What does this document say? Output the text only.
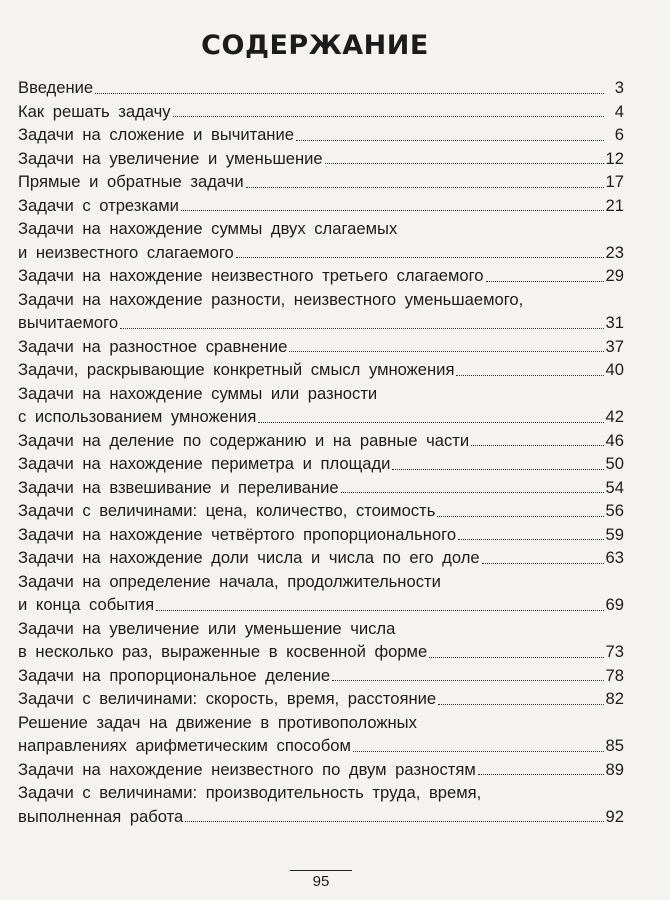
СОДЕРЖАНИЕ
Введение	3
Как решать задачу	4
Задачи на сложение и вычитание	6
Задачи на увеличение и уменьшение	12
Прямые и обратные задачи	17
Задачи с отрезками	21
Задачи на нахождение суммы двух слагаемых
и неизвестного слагаемого	23
Задачи на нахождение неизвестного третьего слагаемого	29
Задачи на нахождение разности, неизвестного уменьшаемого,
вычитаемого	31
Задачи на разностное сравнение	37
Задачи, раскрывающие конкретный смысл умножения	40
Задачи на нахождение суммы или разности
с использованием умножения	42
Задачи на деление по содержанию и на равные части	46
Задачи на нахождение периметра и площади	50
Задачи на взвешивание и переливание	54
Задачи с величинами: цена, количество, стоимость	56
Задачи на нахождение четвёртого пропорционального	59
Задачи на нахождение доли числа и числа по его доле	63
Задачи на определение начала, продолжительности
и конца события	69
Задачи на увеличение или уменьшение числа
в несколько раз, выраженные в косвенной форме	73
Задачи на пропорциональное деление	78
Задачи с величинами: скорость, время, расстояние	82
Решение задач на движение в противоположных
направлениях арифметическим способом	85
Задачи на нахождение неизвестного по двум разностям	89
Задачи с величинами: производительность труда, время,
выполненная работа	92
95
